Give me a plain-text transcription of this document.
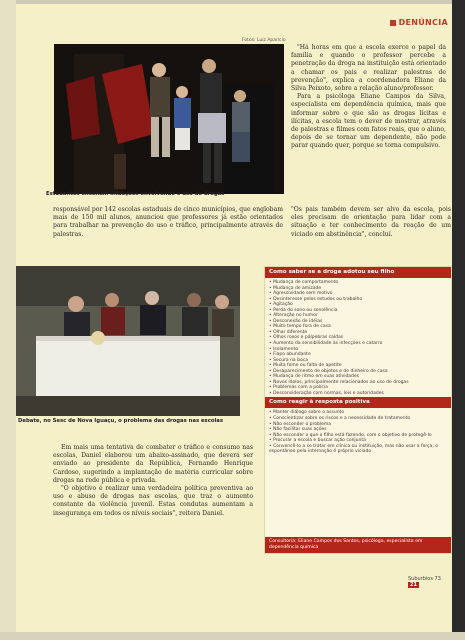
DENÚNCIA
Fotos: Luiz Aparício
Estudantes encenam situações envolvendo o uso de drogas

"Há horas em que a escola exerce o papel da família e quando o professor percebe a penetração da droga na instituição está orientado a chamar os pais e realizar palestras de prevenção", explica a coordenadora Eliane da Silva Peixoto, sobre a relação aluno/professor.

Para a psicóloga Eliane Campos da Silva, especialista em dependência química, mais que informar sobre o que são as drogas lícitas e ilícitas, a escola tem o dever de mostrar, através de palestras e filmes com fatos reais, que o aluno, depois de se tornar um dependente, não pode parar quando quer, porque se torna compulsivo.

responsável por 142 escolas estaduais de cinco municípios, que englobam mais de 150 mil alunos, anunciou que professores já estão orientados para trabalhar na prevenção do uso e tráfico, principalmente através de palestras.
"Os pais também devem ser alvo da escola, pois eles precisam de orientação para lidar com a situação e ter conhecimento da reação de um viciado em abstinência", concluí.
Debate, no Sesc de Nova Iguaçu, o problema das drogas nas escolas

Em mais uma tentativa de combater o tráfico e consumo nas escolas, Daniel elaborou um abaixo-assinado, que deverá ser enviado ao presidente da República, Fernando Henrique Cardoso, sugerindo a implantação de matéria curricular sobre drogas na rede pública e privada.

"O objetivo é realizar uma verdadeira política preventiva ao uso e abuso de drogas nas escolas, que traz o aumento constante da violência juvenil. Estas condutas aumentam a insegurança em todos os níveis sociais", reitera Daniel.

Como saber se a droga adotou seu filho
• Mudança de comportamento
• Mudança de amizade
• Agressividade sem motivo
• Desinteresse pelos estudos ou trabalho
• Agitação
• Perda do sono ou sonolência
• Alteração no humor
• Desconexão de idéias
• Muito tempo fora de casa
• Olhar diferente
• Olhos roxos e pálpebras caídas
• Aumento da sensibilidade às infecções e catarro
• Isolamento
• Fiapo abundante
• Secura na boca
• Muita fome ou falta de apetite
• Desaparecimento de objetos e de dinheiro de casa
• Mudança de ritmo em suas atividades
• Novos ídolos, principalmente relacionados ao uso de drogas
• Problemas com a polícia
• Desconsideração com normas, leis e autoridades
Como reagir à resposta positiva
• Manter diálogo sobre o assunto
• Conscientizar sobre os riscos e a necessidade de tratamento
• Não esconder o problema
• Não facilitar suas ações
• Não esconder o que o filho está fazendo, com o objetivo de protegê-lo
• Procurar a escola e buscar ação conjunta
• Convencê-lo a se tratar em clínica ou instituição, mas não usar a força; o espontâneo pela internação é próprio viciado
Consultoria: Eliane Campos dos Santos, psicóloga, especialista em dependência química
Suburbios 73 21
